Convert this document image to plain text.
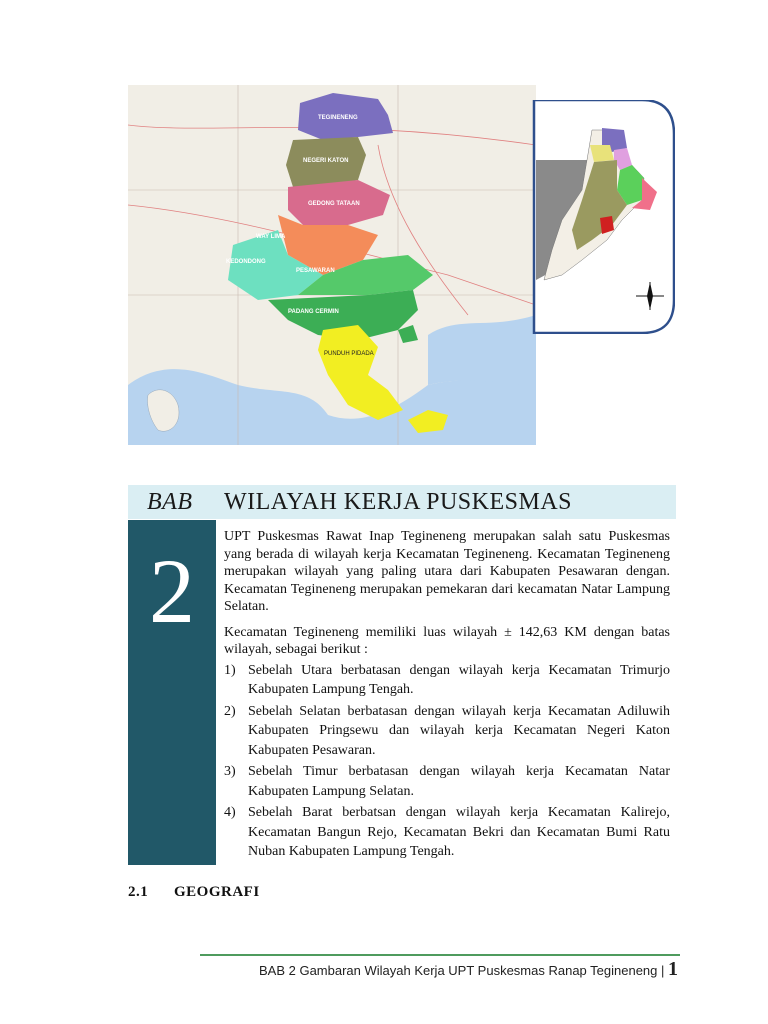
TEGINENENG
NEGERI KATON
GEDONG TATAAN
WAY LIMA
KEDONDONG
PESAWARAN
PADANG CERMIN
PUNDUH PIDADA
BAB WILAYAH KERJA PUSKESMAS
2

UPT Puskesmas Rawat Inap Tegineneng merupakan salah satu Puskesmas yang berada di wilayah kerja Kecamatan Tegineneng. Kecamatan Tegineneng merupakan wilayah yang paling utara dari Kabupaten Pesawaran dengan. Kecamatan Tegineneng merupakan pemekaran dari kecamatan Natar Lampung Selatan.

Kecamatan Tegineneng memiliki luas wilayah ± 142,63 KM dengan batas wilayah, sebagai berikut :

1) Sebelah Utara berbatasan dengan wilayah kerja Kecamatan Trimurjo Kabupaten Lampung Tengah.
2) Sebelah Selatan berbatasan dengan wilayah kerja Kecamatan Adiluwih Kabupaten Pringsewu dan wilayah kerja Kecamatan Negeri Katon Kabupaten Pesawaran.
3) Sebelah Timur berbatasan dengan wilayah kerja Kecamatan Natar Kabupaten Lampung Selatan.
4) Sebelah Barat berbatsan dengan wilayah kerja Kecamatan Kalirejo, Kecamatan Bangun Rejo, Kecamatan Bekri dan Kecamatan Bumi Ratu Nuban Kabupaten Lampung Tengah.
2.1 GEOGRAFI
BAB 2 Gambaran Wilayah Kerja UPT Puskesmas Ranap Tegineneng | 1
